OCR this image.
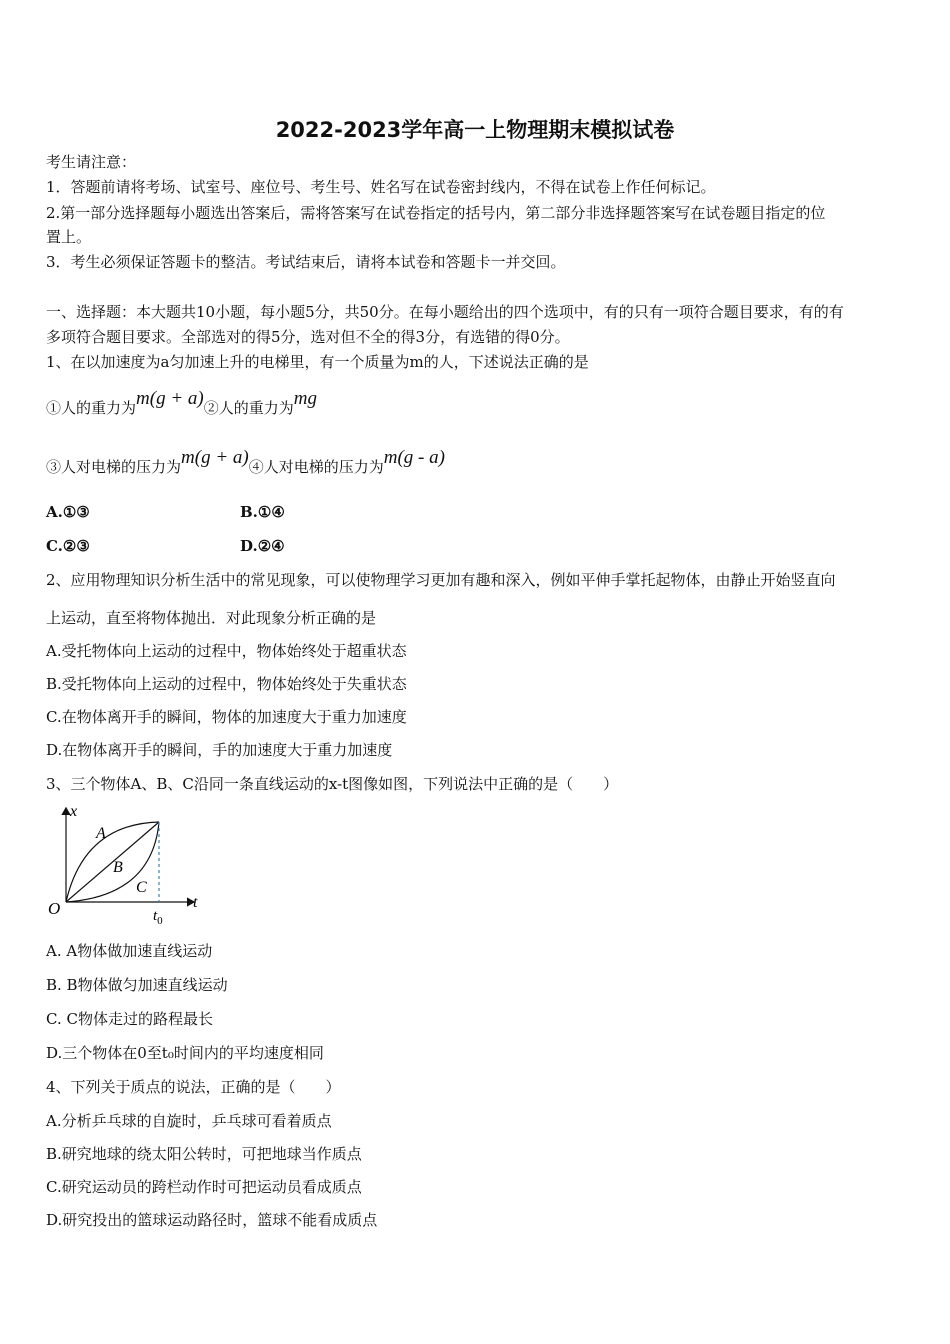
2022-2023学年高一上物理期末模拟试卷
考生请注意：
1．答题前请将考场、试室号、座位号、考生号、姓名写在试卷密封线内，不得在试卷上作任何标记。
2.第一部分选择题每小题选出答案后，需将答案写在试卷指定的括号内，第二部分非选择题答案写在试卷题目指定的位
置上。
3．考生必须保证答题卡的整洁。考试结束后，请将本试卷和答题卡一并交回。
一、选择题：本大题共10小题，每小题5分，共50分。在每小题给出的四个选项中，有的只有一项符合题目要求，有的有
多项符合题目要求。全部选对的得5分，选对但不全的得3分，有选错的得0分。
1、在以加速度为a匀加速上升的电梯里，有一个质量为m的人，下述说法正确的是
①人的重力为m(g + a)②人的重力为mg
③人对电梯的压力为m(g + a)④人对电梯的压力为m(g - a)
A.①③	B.①④
C.②③	D.②④
2、应用物理知识分析生活中的常见现象，可以使物理学习更加有趣和深入，例如平伸手掌托起物体，由静止开始竖直向
上运动，直至将物体抛出．对此现象分析正确的是
A.受托物体向上运动的过程中，物体始终处于超重状态
B.受托物体向上运动的过程中，物体始终处于失重状态
C.在物体离开手的瞬间，物体的加速度大于重力加速度
D.在物体离开手的瞬间，手的加速度大于重力加速度
3、三个物体A、B、C沿同一条直线运动的x-t图像如图，下列说法中正确的是（　　）
x
t
O
A
B
C
$t_0$
A. A物体做加速直线运动
B. B物体做匀加速直线运动
C. C物体走过的路程最长
D.三个物体在0至t₀时间内的平均速度相同
4、下列关于质点的说法，正确的是（　　）
A.分析乒乓球的自旋时，乒乓球可看着质点
B.研究地球的绕太阳公转时，可把地球当作质点
C.研究运动员的跨栏动作时可把运动员看成质点
D.研究投出的篮球运动路径时，篮球不能看成质点
